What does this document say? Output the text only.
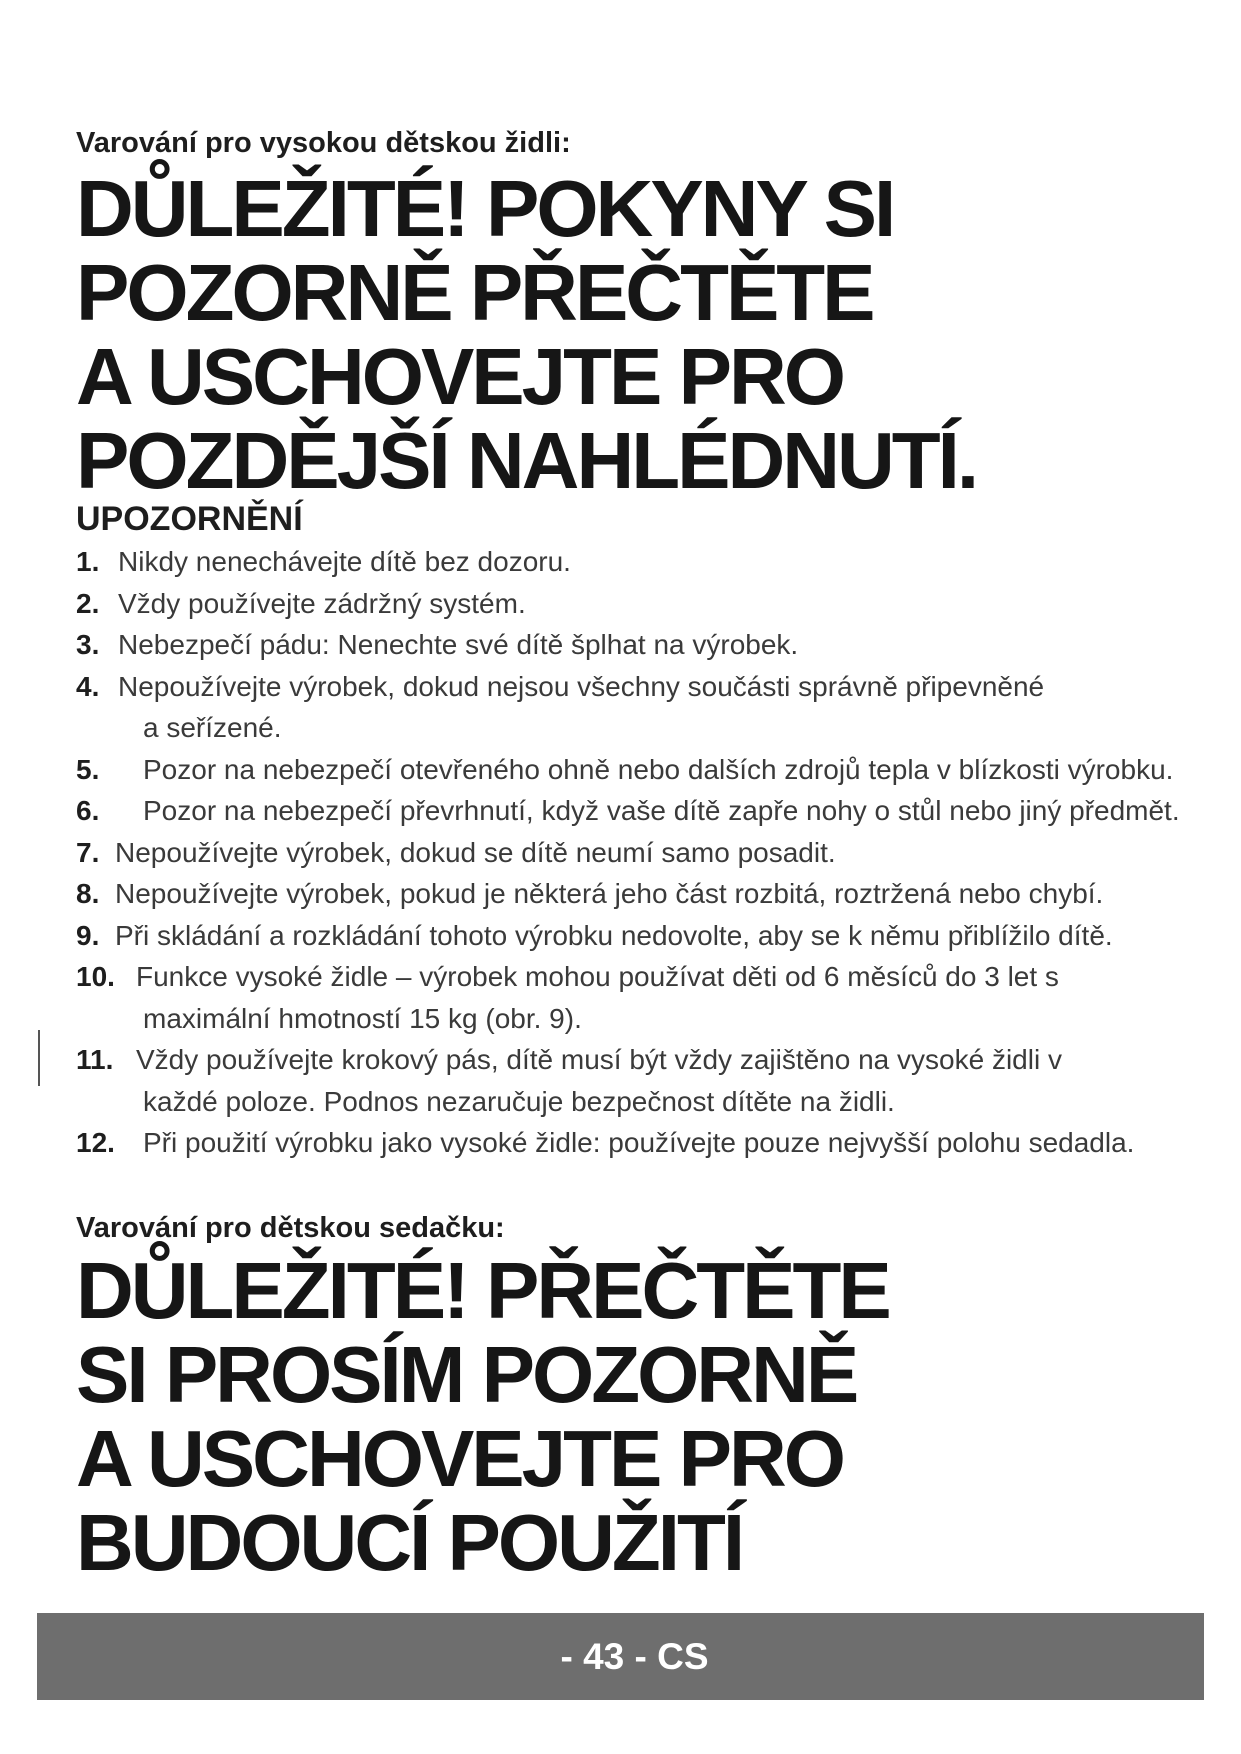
Varování pro vysokou dětskou židli:
DŮLEŽITÉ! POKYNY SI
POZORNĚ PŘEČTĚTE
A USCHOVEJTE PRO
POZDĚJŠÍ NAHLÉDNUTÍ.
UPOZORNĚNÍ
1. Nikdy nenechávejte dítě bez dozoru.
2. Vždy používejte zádržný systém.
3. Nebezpečí pádu: Nenechte své dítě šplhat na výrobek.
4. Nepoužívejte výrobek, dokud nejsou všechny součásti správně připevněné
a seřízené.
5.	Pozor na nebezpečí otevřeného ohně nebo dalších zdrojů tepla v blízkosti výrobku.
6.	Pozor na nebezpečí převrhnutí, když vaše dítě zapře nohy o stůl nebo jiný předmět.
7. Nepoužívejte výrobek, dokud se dítě neumí samo posadit.
8. Nepoužívejte výrobek, pokud je některá jeho část rozbitá, roztržená nebo chybí.
9. Při skládání a rozkládání tohoto výrobku nedovolte, aby se k němu přiblížilo dítě.
10. Funkce vysoké židle – výrobek mohou používat děti od 6 měsíců do 3 let s
maximální hmotností 15 kg (obr. 9).
11. Vždy používejte krokový pás, dítě musí být vždy zajištěno na vysoké židli v
každé poloze. Podnos nezaručuje bezpečnost dítěte na židli.
12.	Při použití výrobku jako vysoké židle: používejte pouze nejvyšší polohu sedadla.
Varování pro dětskou sedačku:
DŮLEŽITÉ! PŘEČTĚTE
SI PROSÍM POZORNĚ
A USCHOVEJTE PRO
BUDOUCÍ POUŽITÍ
- 43 - CS
